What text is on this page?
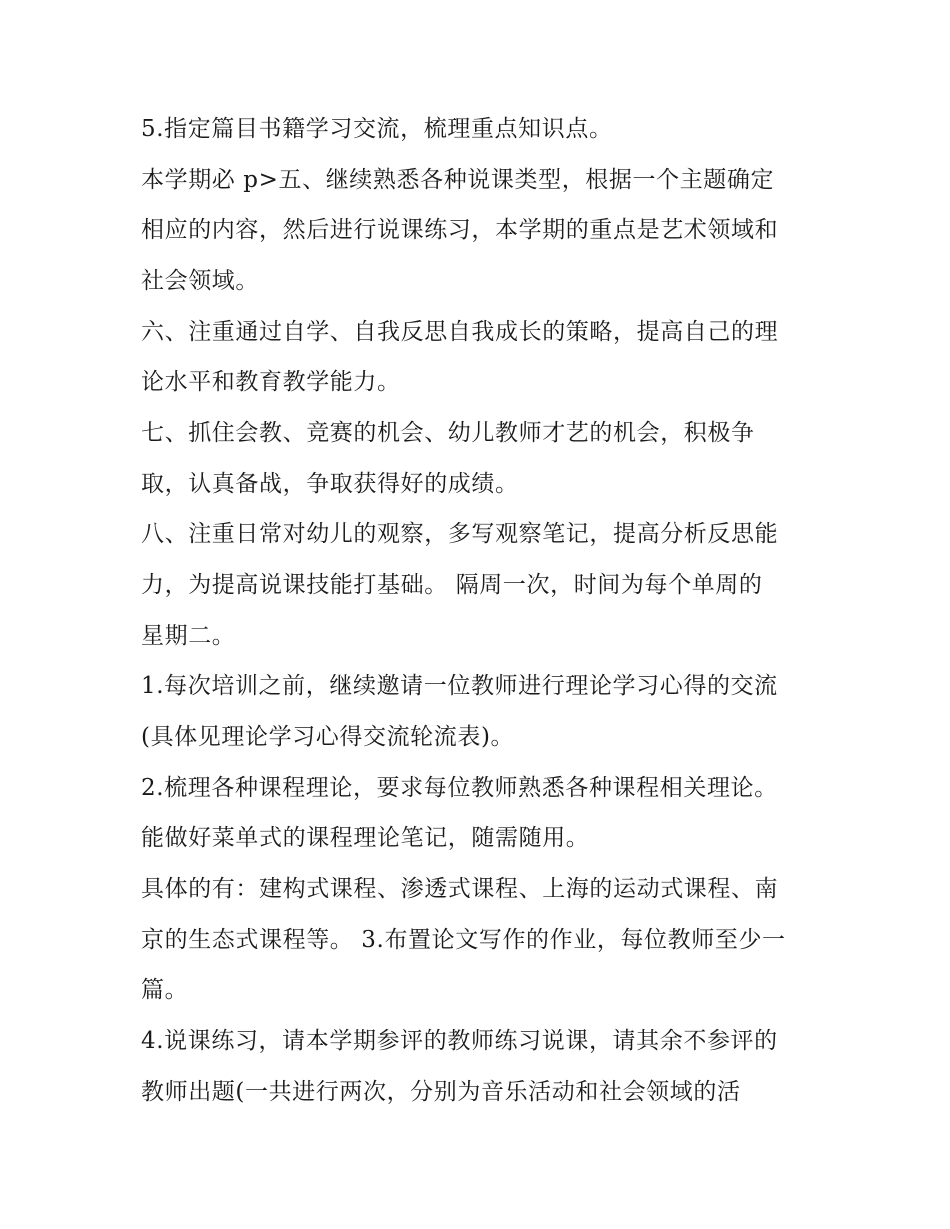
5.指定篇目书籍学习交流，梳理重点知识点。

本学期必 p>五、继续熟悉各种说课类型，根据一个主题确定

相应的内容，然后进行说课练习，本学期的重点是艺术领域和

社会领域。

六、注重通过自学、自我反思自我成长的策略，提高自己的理

论水平和教育教学能力。

七、抓住会教、竞赛的机会、幼儿教师才艺的机会，积极争

取，认真备战，争取获得好的成绩。

八、注重日常对幼儿的观察，多写观察笔记，提高分析反思能

力，为提高说课技能打基础。 隔周一次，时间为每个单周的

星期二。

1.每次培训之前，继续邀请一位教师进行理论学习心得的交流

(具体见理论学习心得交流轮流表)。

2.梳理各种课程理论，要求每位教师熟悉各种课程相关理论。

能做好菜单式的课程理论笔记，随需随用。

具体的有：建构式课程、渗透式课程、上海的运动式课程、南

京的生态式课程等。 3.布置论文写作的作业，每位教师至少一

篇。

4.说课练习，请本学期参评的教师练习说课，请其余不参评的

教师出题(一共进行两次，分别为音乐活动和社会领域的活
